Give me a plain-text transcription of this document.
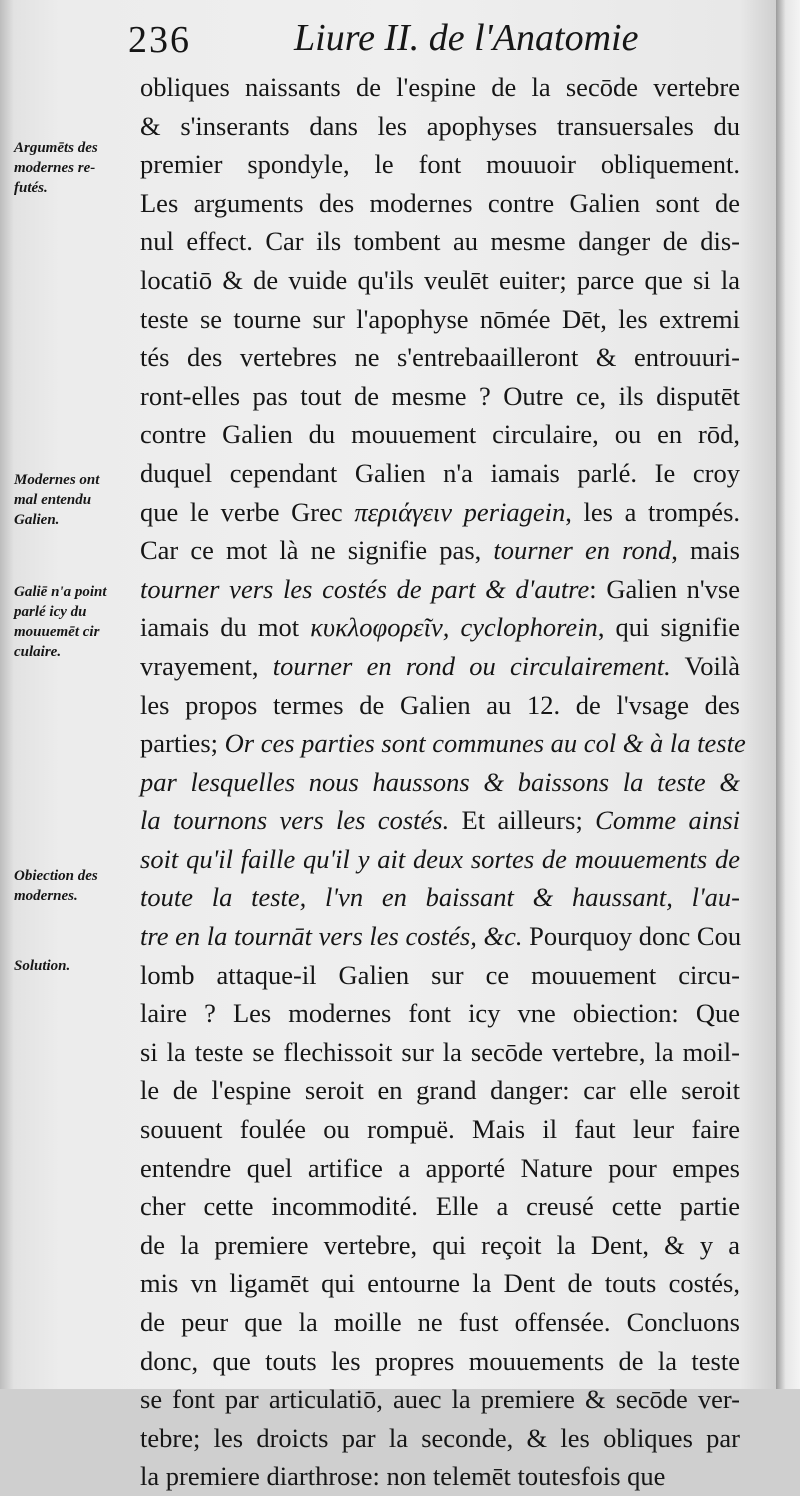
236	Liure II. de l'Anatomie
Argumēts des
modernes re-
futés.
Modernes ont
mal entendu
Galien.
Galiē n'a point
parlé icy du
mouuemēt cir
culaire.
Obiection des
modernes.
Solution.
obliques naissants de l'espine de la secōde vertebre
& s'inserants dans les apophyses transuersales du
premier spondyle, le font mouuoir obliquement.
Les arguments des modernes contre Galien sont de
nul effect. Car ils tombent au mesme danger de dis-
locatiō & de vuide qu'ils veulēt euiter; parce que si la
teste se tourne sur l'apophyse nōmée Dēt, les extremi
tés des vertebres ne s'entrebaailleront & entrouuri-
ront-elles pas tout de mesme ? Outre ce, ils disputēt
contre Galien du mouuement circulaire, ou en rōd,
duquel cependant Galien n'a iamais parlé. Ie croy
que le verbe Grec περιάγειν periagein, les a trompés.
Car ce mot là ne signifie pas, tourner en rond, mais
tourner vers les costés de part & d'autre: Galien n'vse
iamais du mot κυκλοφορεῖν, cyclophorein, qui signifie
vrayement, tourner en rond ou circulairement. Voilà
les propos termes de Galien au 12. de l'vsage des
parties; Or ces parties sont communes au col & à la teste
par lesquelles nous haussons & baissons la teste &
la tournons vers les costés. Et ailleurs; Comme ainsi
soit qu'il faille qu'il y ait deux sortes de mouuements de
toute la teste, l'vn en baissant & haussant, l'au-
tre en la tournāt vers les costés, &c. Pourquoy donc Cou
lomb attaque-il Galien sur ce mouuement circu-
laire ? Les modernes font icy vne obiection: Que
si la teste se flechissoit sur la secōde vertebre, la moil-
le de l'espine seroit en grand danger: car elle seroit
souuent foulée ou rompuë. Mais il faut leur faire
entendre quel artifice a apporté Nature pour empes
cher cette incommodité. Elle a creusé cette partie
de la premiere vertebre, qui reçoit la Dent, & y a
mis vn ligamēt qui entourne la Dent de touts costés,
de peur que la moille ne fust offensée. Concluons
donc, que touts les propres mouuements de la teste
se font par articulatiō, auec la premiere & secōde ver-
tebre; les droicts par la seconde, & les obliques par
la premiere diarthrose: non telemēt toutesfois que
